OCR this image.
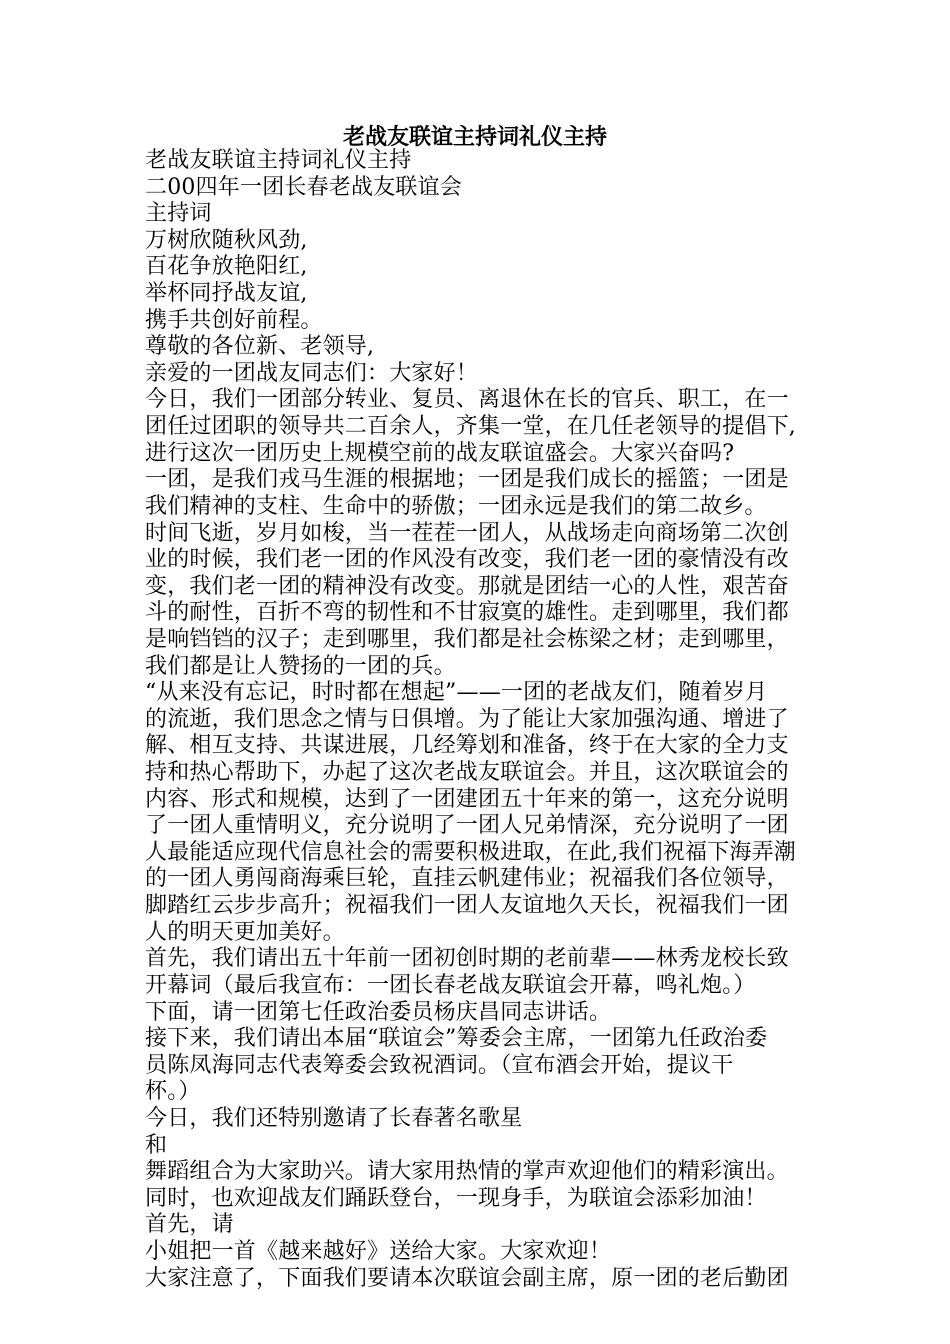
老战友联谊主持词礼仪主持
老战友联谊主持词礼仪主持
二00四年一团长春老战友联谊会
主持词
万树欣随秋风劲,
百花争放艳阳红,
举杯同抒战友谊,
携手共创好前程。
尊敬的各位新、老领导,
亲爱的一团战友同志们：大家好！
今日，我们一团部分转业、复员、离退休在长的官兵、职工，在一
团任过团职的领导共二百余人，齐集一堂，在几任老领导的提倡下,
进行这次一团历史上规模空前的战友联谊盛会。大家兴奋吗?
一团，是我们戎马生涯的根据地；一团是我们成长的摇篮；一团是
我们精神的支柱、生命中的骄傲；一团永远是我们的第二故乡。
时间飞逝，岁月如梭，当一茬茬一团人，从战场走向商场第二次创
业的时候，我们老一团的作风没有改变，我们老一团的豪情没有改
变，我们老一团的精神没有改变。那就是团结一心的人性，艰苦奋
斗的耐性，百折不弯的韧性和不甘寂寞的雄性。走到哪里，我们都
是响铛铛的汉子；走到哪里，我们都是社会栋梁之材；走到哪里，
我们都是让人赞扬的一团的兵。
“从来没有忘记，时时都在想起”——一团的老战友们，随着岁月
的流逝，我们思念之情与日俱增。为了能让大家加强沟通、增进了
解、相互支持、共谋进展，几经筹划和准备，终于在大家的全力支
持和热心帮助下，办起了这次老战友联谊会。并且，这次联谊会的
内容、形式和规模，达到了一团建团五十年来的第一，这充分说明
了一团人重情明义，充分说明了一团人兄弟情深，充分说明了一团
人最能适应现代信息社会的需要积极进取，在此,我们祝福下海弄潮
的一团人勇闯商海乘巨轮，直挂云帆建伟业；祝福我们各位领导，
脚踏红云步步高升；祝福我们一团人友谊地久天长，祝福我们一团
人的明天更加美好。
首先，我们请出五十年前一团初创时期的老前辈——林秀龙校长致
开幕词（最后我宣布：一团长春老战友联谊会开幕，鸣礼炮。）
下面，请一团第七任政治委员杨庆昌同志讲话。
接下来，我们请出本届“联谊会”筹委会主席，一团第九任政治委
员陈凤海同志代表筹委会致祝酒词。（宣布酒会开始，提议干
杯。）
今日，我们还特别邀请了长春著名歌星
和
舞蹈组合为大家助兴。请大家用热情的掌声欢迎他们的精彩演出。
同时，也欢迎战友们踊跃登台，一现身手，为联谊会添彩加油！
首先，请
小姐把一首《越来越好》送给大家。大家欢迎！
大家注意了，下面我们要请本次联谊会副主席，原一团的老后勤团
